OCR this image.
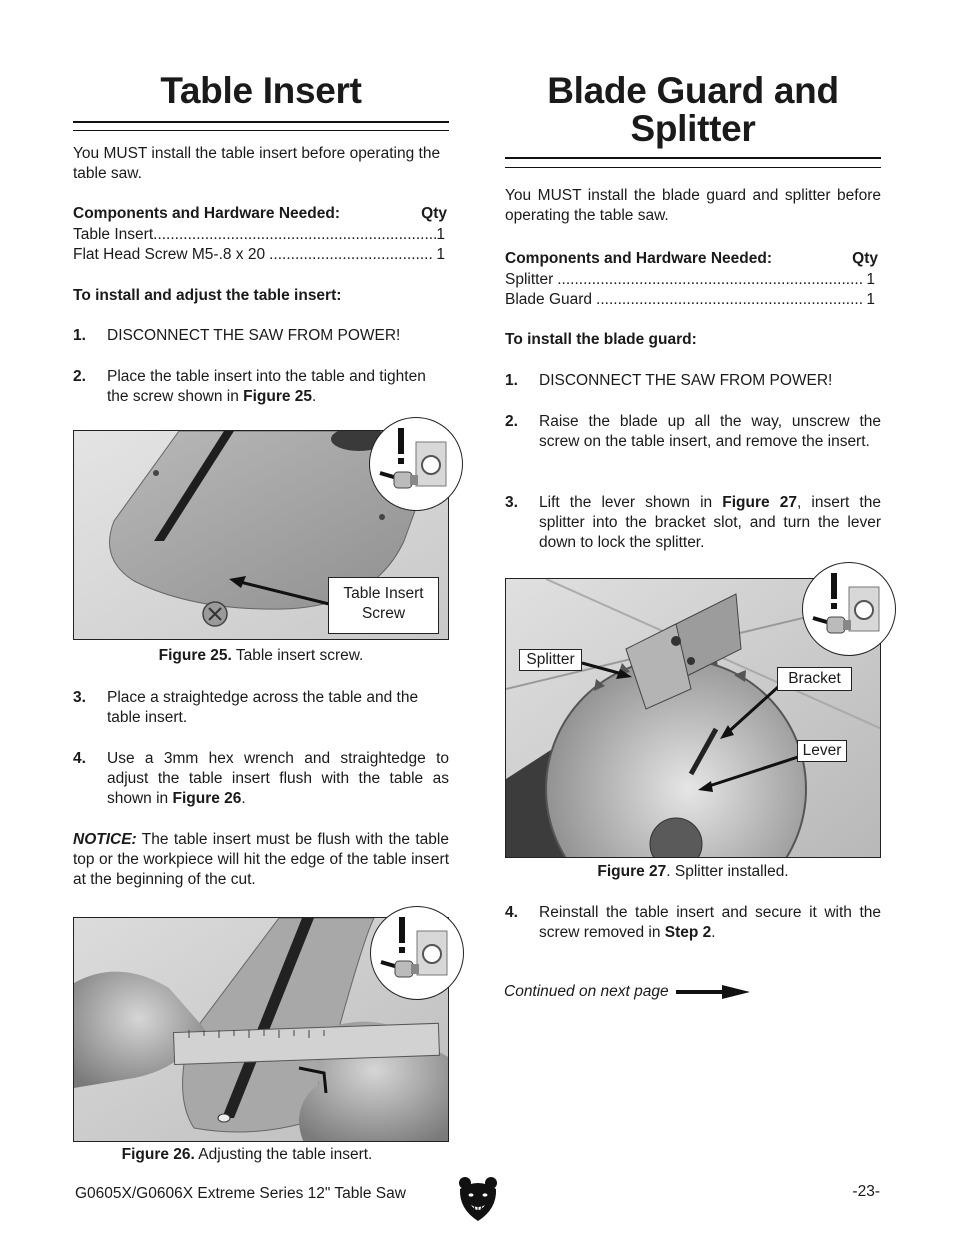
Table Insert
You MUST install the table insert before operating the table saw.
Components and Hardware Needed:	Qty
Table Insert .....	1
Flat Head Screw M5-.8 x 20 .....	1
To install and adjust the table insert:
1.	DISCONNECT THE SAW FROM POWER!
2.	Place the table insert into the table and tighten the screw shown in Figure 25.
Table Insert
Screw
Figure 25. Table insert screw.
3.	Place a straightedge across the table and the table insert.
4.	Use a 3mm hex wrench and straightedge to adjust the table insert flush with the table as shown in Figure 26.
NOTICE: The table insert must be flush with the table top or the workpiece will hit the edge of the table insert at the beginning of the cut.
Figure 26. Adjusting the table insert.
Blade Guard and
Splitter
You MUST install the blade guard and splitter before operating the table saw.
Components and Hardware Needed:	Qty
Splitter .....	1
Blade Guard .....	1
To install the blade guard:
1.	DISCONNECT THE SAW FROM POWER!
2.	Raise the blade up all the way, unscrew the screw on the table insert, and remove the insert.
3.	Lift the lever shown in Figure 27, insert the splitter into the bracket slot, and turn the lever down to lock the splitter.
Splitter
Bracket
Lever
Figure 27. Splitter installed.
4.	Reinstall the table insert and secure it with the screw removed in Step 2.
Continued on next page
G0605X/G0606X Extreme Series 12" Table Saw	-23-
